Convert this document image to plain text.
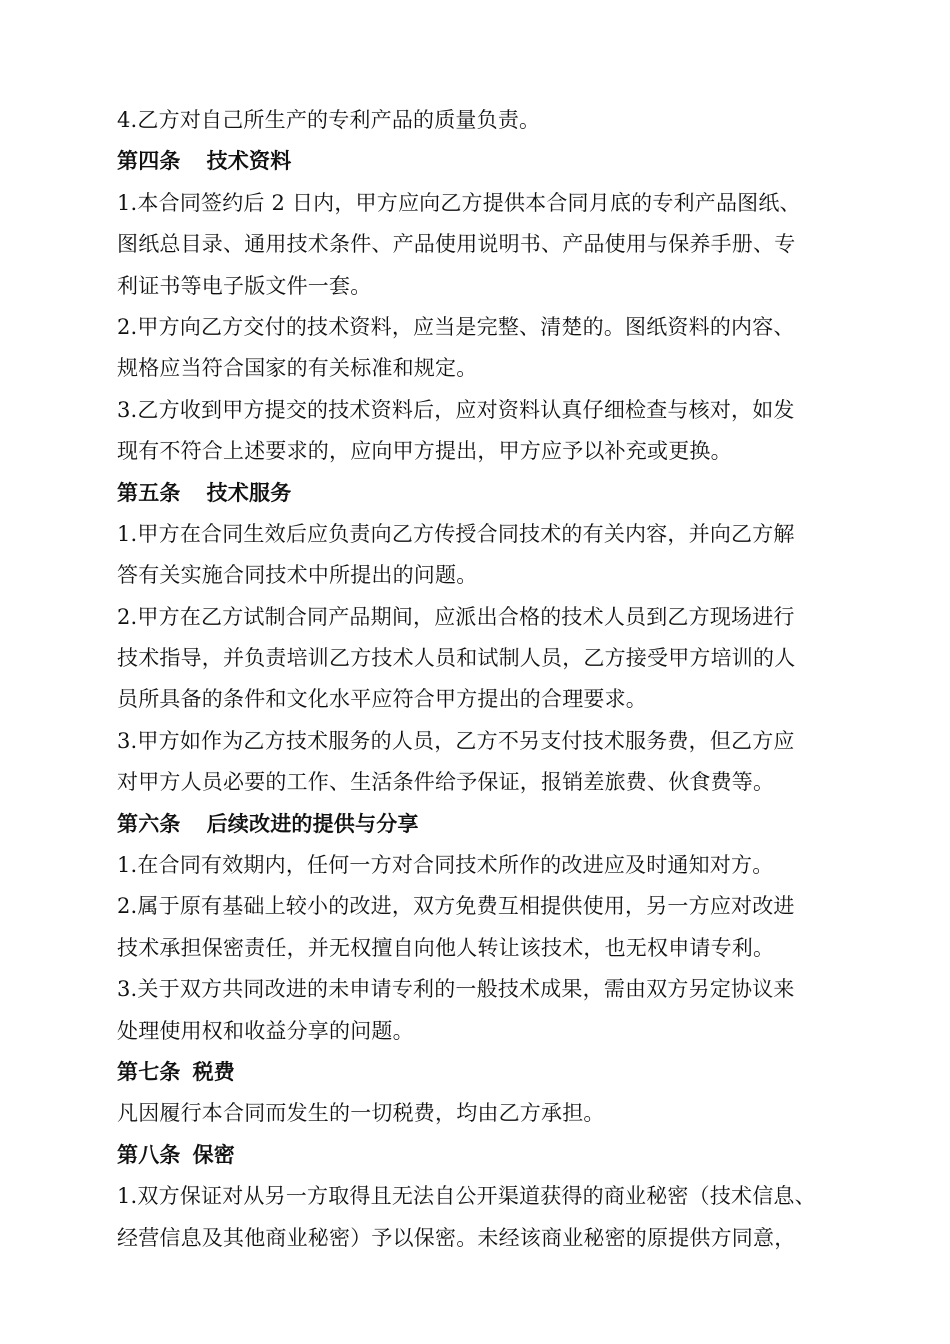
4.乙方对自己所生产的专利产品的质量负责。
第四条 技术资料
1.本合同签约后 2 日内，甲方应向乙方提供本合同月底的专利产品图纸、
图纸总目录、通用技术条件、产品使用说明书、产品使用与保养手册、专
利证书等电子版文件一套。
2.甲方向乙方交付的技术资料，应当是完整、清楚的。图纸资料的内容、
规格应当符合国家的有关标准和规定。
3.乙方收到甲方提交的技术资料后，应对资料认真仔细检查与核对，如发
现有不符合上述要求的，应向甲方提出，甲方应予以补充或更换。
第五条 技术服务
1.甲方在合同生效后应负责向乙方传授合同技术的有关内容，并向乙方解
答有关实施合同技术中所提出的问题。
2.甲方在乙方试制合同产品期间，应派出合格的技术人员到乙方现场进行
技术指导，并负责培训乙方技术人员和试制人员，乙方接受甲方培训的人
员所具备的条件和文化水平应符合甲方提出的合理要求。
3.甲方如作为乙方技术服务的人员，乙方不另支付技术服务费，但乙方应
对甲方人员必要的工作、生活条件给予保证，报销差旅费、伙食费等。
第六条 后续改进的提供与分享
1.在合同有效期内，任何一方对合同技术所作的改进应及时通知对方。
2.属于原有基础上较小的改进，双方免费互相提供使用，另一方应对改进
技术承担保密责任，并无权擅自向他人转让该技术，也无权申请专利。
3.关于双方共同改进的未申请专利的一般技术成果，需由双方另定协议来
处理使用权和收益分享的问题。
第七条 税费
凡因履行本合同而发生的一切税费，均由乙方承担。
第八条 保密
1.双方保证对从另一方取得且无法自公开渠道获得的商业秘密（技术信息、
经营信息及其他商业秘密）予以保密。未经该商业秘密的原提供方同意，
